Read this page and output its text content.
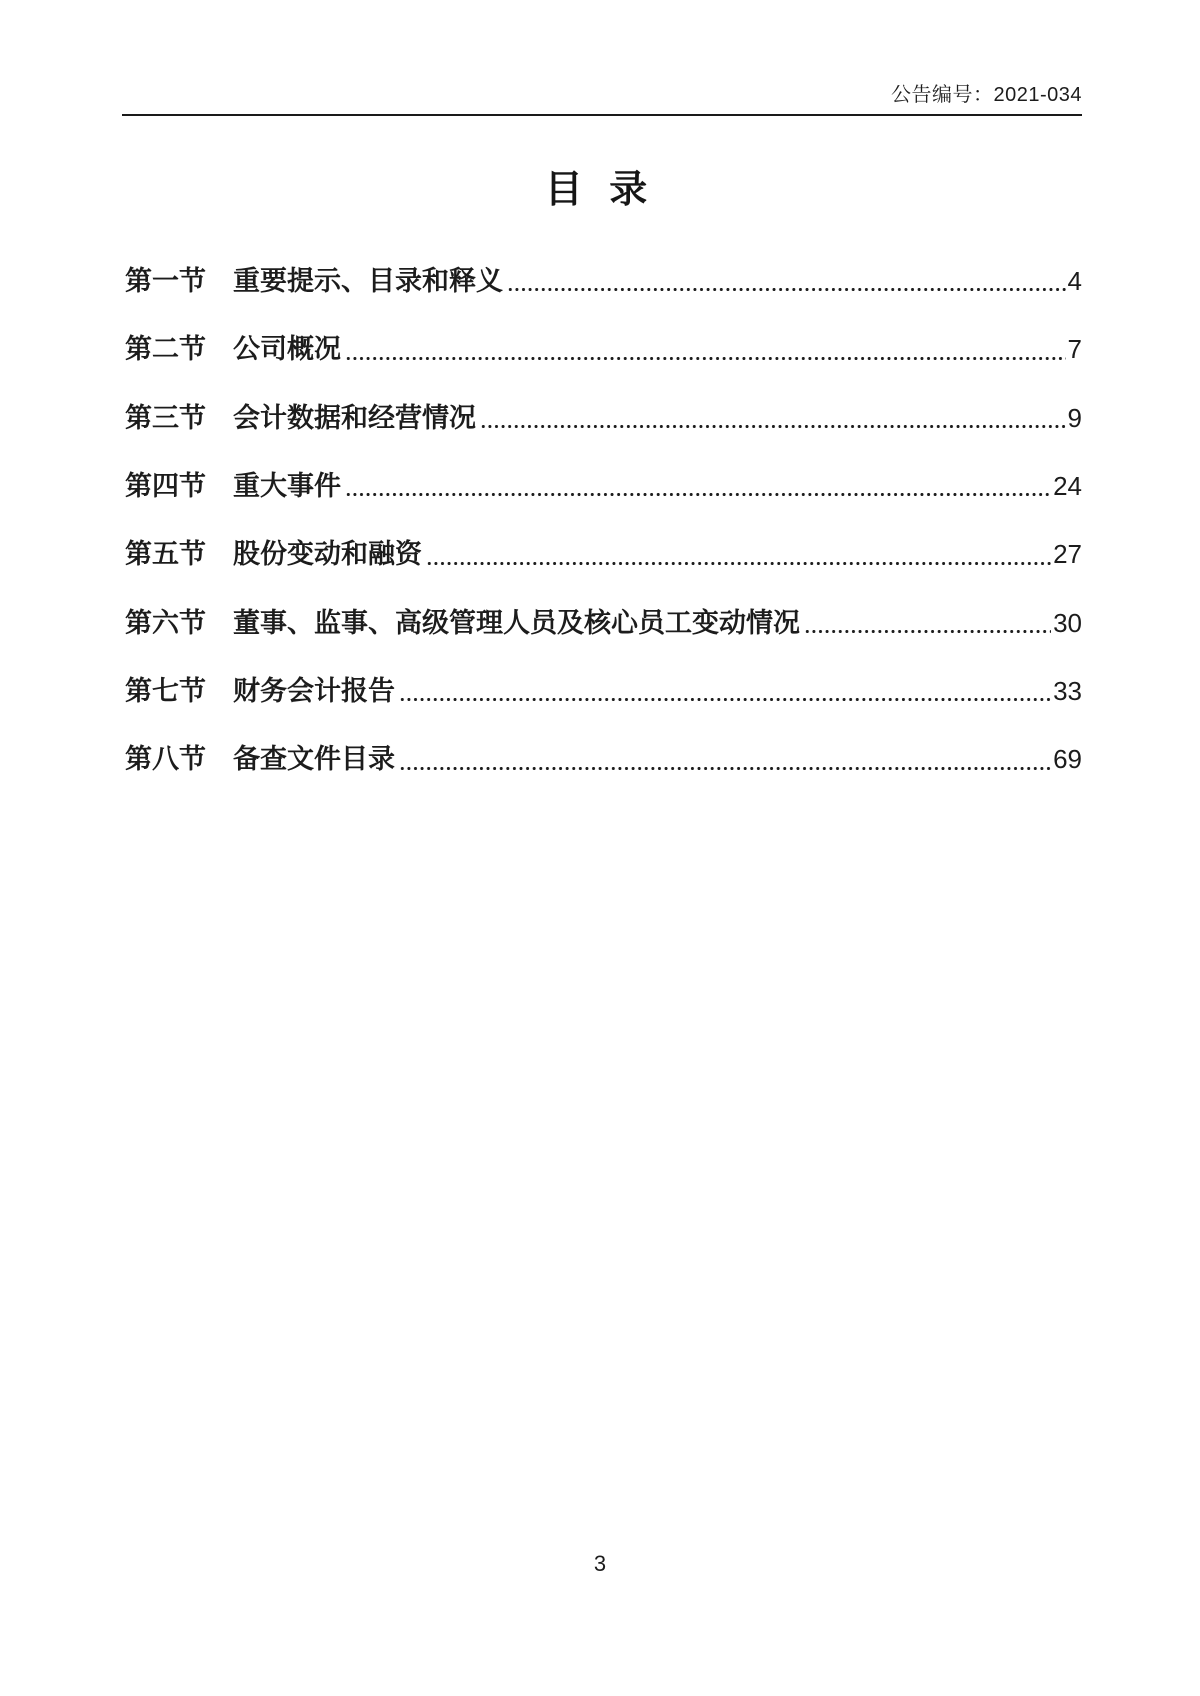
公告编号：2021-034
目 录
第一节	重要提示、目录和释义	4
第二节	公司概况	7
第三节	会计数据和经营情况	9
第四节	重大事件	24
第五节	股份变动和融资	27
第六节	董事、监事、高级管理人员及核心员工变动情况	30
第七节	财务会计报告	33
第八节	备查文件目录	69
3
